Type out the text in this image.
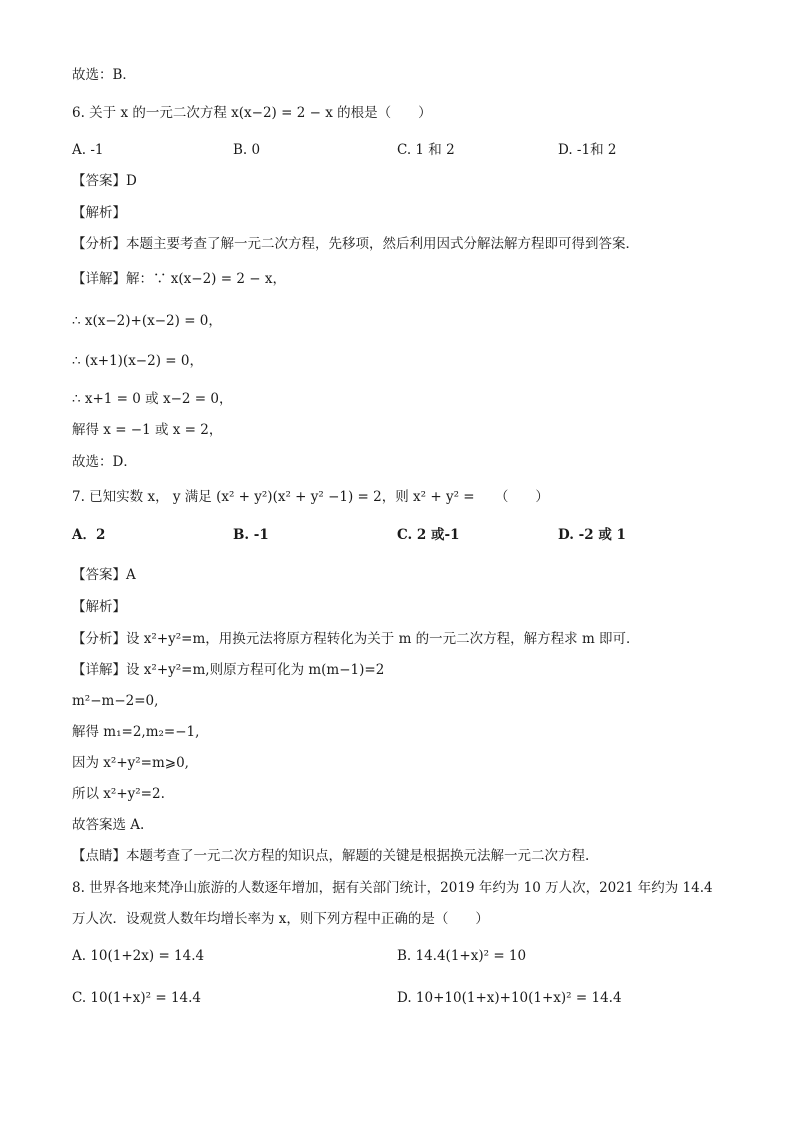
故选：B．
6. 关于 x 的一元二次方程 x(x−2) = 2 − x 的根是（　　）
A. -1	B. 0	C. 1 和 2	D. -1和 2
【答案】D
【解析】
【分析】本题主要考查了解一元二次方程，先移项，然后利用因式分解法解方程即可得到答案．
【详解】解：∵ x(x−2) = 2 − x，
∴ x(x−2)+(x−2) = 0，
∴ (x+1)(x−2) = 0，
∴ x+1 = 0 或 x−2 = 0，
解得 x = −1 或 x = 2，
故选：D．
7. 已知实数 x， y 满足 (x² + y²)(x² + y² −1) = 2，则 x² + y² =　　（　　）
A．2	B. -1	C. 2 或-1	D. -2 或 1
【答案】A
【解析】
【分析】设 x²+y²=m，用换元法将原方程转化为关于 m 的一元二次方程，解方程求 m 即可．
【详解】设 x²+y²=m,则原方程可化为 m(m−1)=2
m²−m−2=0,
解得 m₁=2,m₂=−1,
因为 x²+y²=m⩾0,
所以 x²+y²=2.
故答案选 A.
【点睛】本题考查了一元二次方程的知识点，解题的关键是根据换元法解一元二次方程.
8. 世界各地来梵净山旅游的人数逐年增加，据有关部门统计，2019 年约为 10 万人次，2021 年约为 14.4
万人次．设观赏人数年均增长率为 x，则下列方程中正确的是（　　）
A. 10(1+2x) = 14.4	B. 14.4(1+x)² = 10
C. 10(1+x)² = 14.4	D. 10+10(1+x)+10(1+x)² = 14.4
